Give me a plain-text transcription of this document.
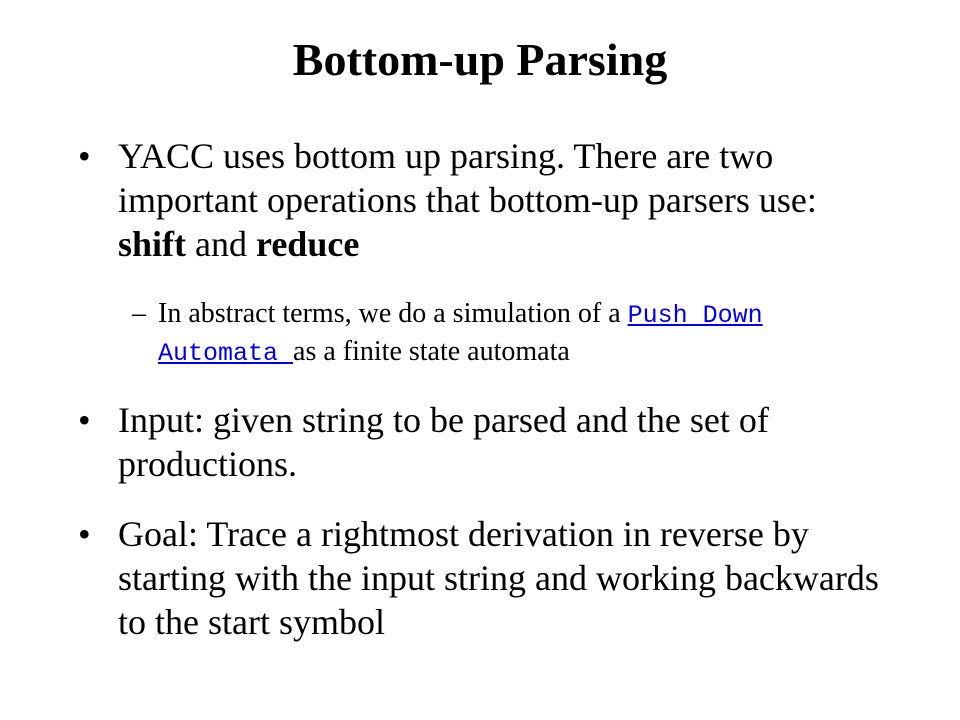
Bottom-up Parsing
• YACC uses bottom up parsing. There are two important operations that bottom-up parsers use: shift and reduce
– In abstract terms, we do a simulation of a Push Down Automata as a finite state automata
• Input: given string to be parsed and the set of productions.
• Goal: Trace a rightmost derivation in reverse by starting with the input string and working backwards to the start symbol
